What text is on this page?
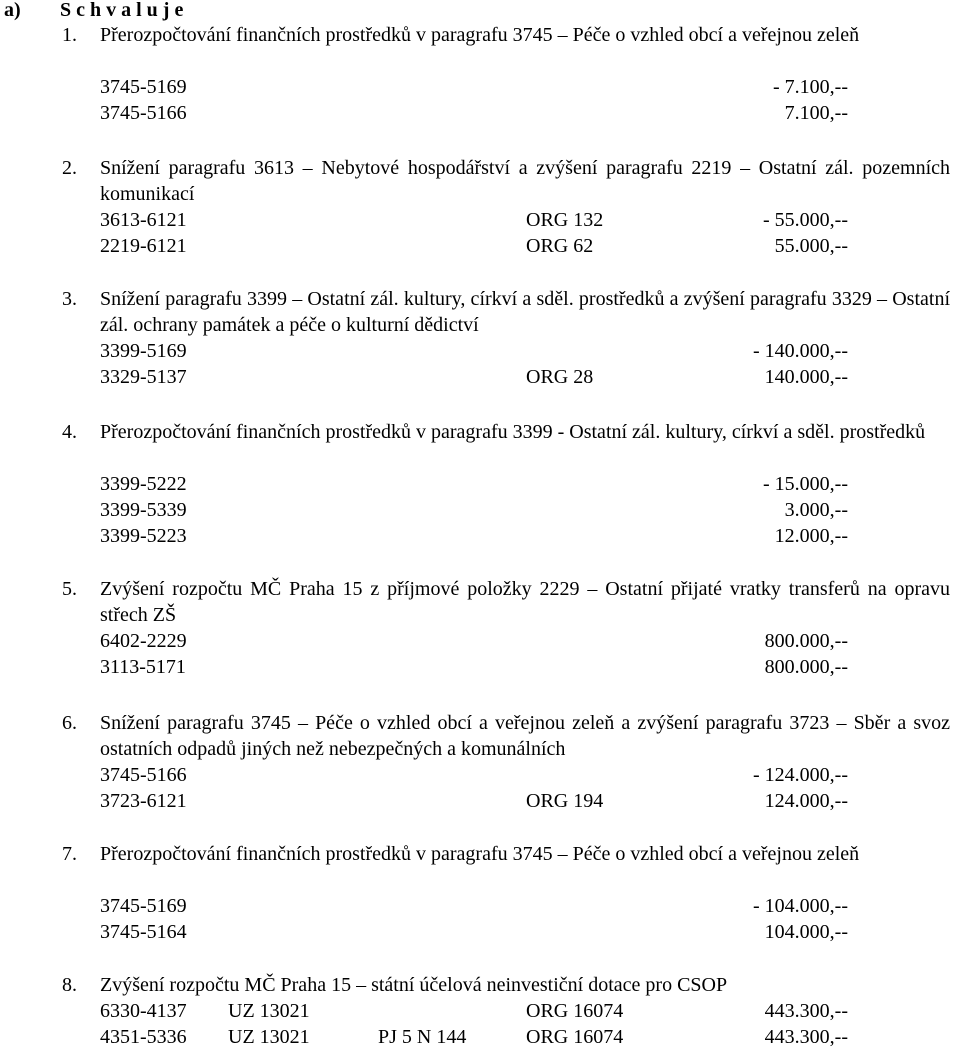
a) Schvaluje
1.	Přerozpočtování finančních prostředků v paragrafu 3745 – Péče o vzhled obcí a veřejnou zeleň
3745-5169	- 7.100,--
3745-5166	7.100,--
2.	Snížení paragrafu 3613 – Nebytové hospodářství a zvýšení paragrafu 2219 – Ostatní zál. pozemních komunikací
3613-6121	ORG 132	- 55.000,--
2219-6121	ORG 62	55.000,--
3.	Snížení paragrafu 3399 – Ostatní zál. kultury, církví a sděl. prostředků a zvýšení paragrafu 3329 – Ostatní zál. ochrany památek a péče o kulturní dědictví
3399-5169	- 140.000,--
3329-5137	ORG 28	140.000,--
4.	Přerozpočtování finančních prostředků v paragrafu 3399 - Ostatní zál. kultury, církví a sděl. prostředků
3399-5222	- 15.000,--
3399-5339	3.000,--
3399-5223	12.000,--
5.	Zvýšení rozpočtu MČ Praha 15 z příjmové položky 2229 – Ostatní přijaté vratky transferů na opravu střech ZŠ
6402-2229	800.000,--
3113-5171	800.000,--
6.	Snížení paragrafu 3745 – Péče o vzhled obcí a veřejnou zeleň a zvýšení paragrafu 3723 – Sběr a svoz ostatních odpadů jiných než nebezpečných a komunálních
3745-5166	- 124.000,--
3723-6121	ORG 194	124.000,--
7.	Přerozpočtování finančních prostředků v paragrafu 3745 – Péče o vzhled obcí a veřejnou zeleň
3745-5169	- 104.000,--
3745-5164	104.000,--
8.	Zvýšení rozpočtu MČ Praha 15 – státní účelová neinvestiční dotace pro CSOP
6330-4137 UZ 13021	ORG 16074	443.300,--
4351-5336 UZ 13021	PJ 5 N 144	ORG 16074	443.300,--
